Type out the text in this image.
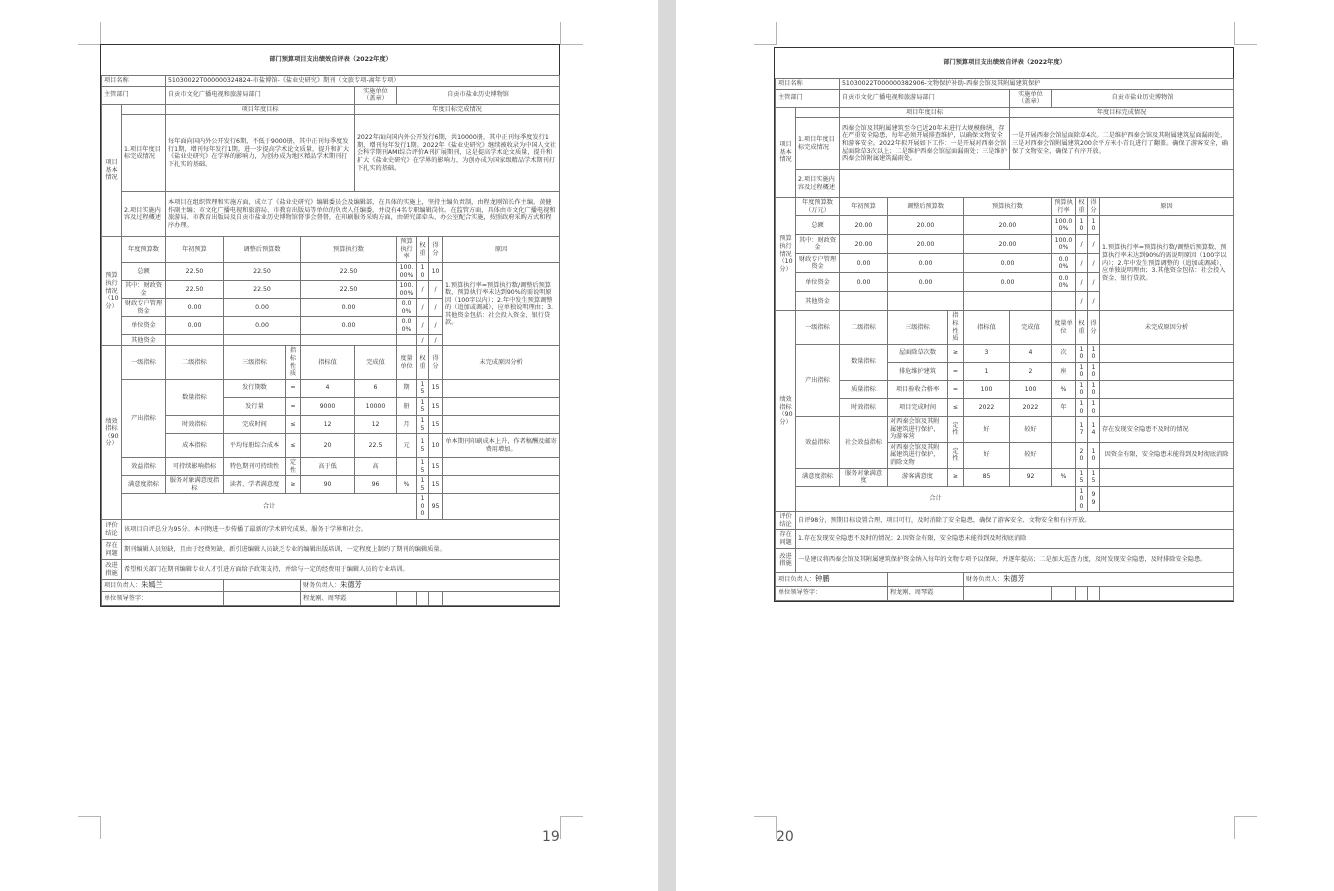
19
部门预算项目支出绩效自评表（2022年度）										
项目名称		51030022T000000324824-市盐博馆-《盐业史研究》期刊（文旅专项-离年专项）								
主管部门		自贡市文化广播电视和旅游局部门				实施单位（盖章）	自贡市盐业历史博物馆			
项目基本情况		项目年度目标				年度目标完成情况				
	1.项目年度目标完成情况	每年面向国内外公开发行6期，不低于9000册，其中正刊每季度发行1期，增刊每年发行1期。进一步提高学术论文质量，提升和扩大《盐业史研究》在学界的影响力，为创办成为地区精品学术期刊打下扎实的基础。				2022年面向国内外公开发行6期，共10000册，其中正刊每季度发行1期，增刊每年发行1期。2022年《盐业史研究》继续被收录为中国人文社会科学期刊AMI综合评价A刊扩展期刊，这是提高学术论文质量，提升和扩大《盐业史研究》在学界的影响力，为创办成为国家级精品学术期刊打下扎实的基础。				
	2.项目实施内容及过程概述	本项目在组织管理和实施方面，成立了《盐业史研究》编辑委员会及编辑部，在具体的实施上，坚持主编负责制，由程龙刚馆长作主编，黄健作副主编；市文化广播电视和旅游局、市教育出版局等单位的负责人任编委，并设有4名专职编辑岗位。在监管方面，具体由市文化广播电视和旅游局、市教育出版局及自贡市盐业历史博物馆督事会督督，在印刷服务采购方面，由研究部牵头、办公室配合实施，按照政府采购方式和程序办理。								
预算执行情况（10分）	年度预算数	年初预算	调整后预算数		预算执行数		预算执行率	权重	得分	原因
	总额	22.50	22.50		22.50		100.00%	10	10	1.预算执行率=预算执行数/调整后预算数，预算执行率未达到90%的需说明原因（100字以内）；2.年中发生预算调整的（追加或调减），应单独说明理由；3.其他资金包括：社会投入资金、银行贷款。
	其中：财政资金	22.50	22.50		22.50		100.00%	/	/	
	财政专户管理资金	0.00	0.00		0.00		0.00%	/	/	
	单位资金	0.00	0.00		0.00		0.00%	/	/	
	其他资金							/	/	
绩效指标（90分）	一级指标	二级指标	三级指标	指标性质	指标值	完成值	度量单位	权重	得分	未完成原因分析
	产出指标	数量指标	发行期数	=	4	6	期	15	15	
			发行量	=	9000	10000	册	15	15	
		时效指标	完成时间	≤	12	12	月	15	15	
		成本指标	平均每册综合成本	≤	20	22.5	元	15	10	单本期刊印刷成本上升，作者稿酬及邮寄费用增加。
	效益指标	可持续影响指标	特色期刊可持续性	定性	高于低	高		15	15	
	满意度指标	服务对象满意度指标	读者、学者满意度	≥	90	96	%	15	15	
	合计							100	95	
评价结论	该项目自评总分为95分。本刊物进一步传播了最新的学术研究成果，服务于学界和社会。									
存在问题	期刊编辑人员短缺，且由于经费短缺，新引进编辑人员缺乏专业的编辑出版培训，一定程度上制约了期刊的编辑质量。									
改进措施	希望相关部门在期刊编辑专业人才引进方面给予政策支持，并给与一定的经费用于编辑人员的专业培训。									
项目负责人：朱嫣兰					财务负责人：朱德芳					
单位领导签字：					程龙刚、周琴霞					
20
部门预算项目支出绩效自评表（2022年度）										
项目名称		51030022T000000382906-文物保护补助-西秦会馆及其附属建筑保护								
主管部门		自贡市文化广播电视和旅游局部门				实施单位（盖章）	自贡市盐业历史博物馆			
项目基本情况		项目年度目标				年度目标完成情况				
	1.项目年度目标完成情况	西秦会馆及其附属建筑至今已近20年未进行大规模修缮，存在严重安全隐患，每年必须开展排查维护，以确保文物安全和游客安全。2022年拟开展如下工作：一是开展对西秦会馆屋面除草3次以上；二是维护西秦会馆屋面漏雨处；三是维护西秦会馆附属建筑漏雨处。				一是开展西秦会馆屋面除草4次。二是维护西秦会馆及其附属建筑屋面漏雨处，三是对西秦会馆附属建筑200余平方米小青瓦进行了翻盖。确保了游客安全，确保了文物安全，确保了有序开放。				
	2.项目实施内容及过程概述									
预算执行情况（10分）	年度预算数（万元）	年初预算	调整后预算数		预算执行数		预算执行率	权重	得分	原因
	总额	20.00	20.00		20.00		100.00%	10	10	1.预算执行率=预算执行数/调整后预算数，预算执行率未达到90%的需说明原因（100字以内）；2.年中发生预算调整的（追加或调减），应单独说明理由；3.其他资金包括：社会投入资金、银行贷款。
	其中：财政资金	20.00	20.00		20.00		100.00%	/	/	
	财政专户管理资金	0.00	0.00		0.00		0.00%	/	/	
	单位资金	0.00	0.00		0.00		0.00%	/	/	
	其他资金							/	/	
绩效指标（90分）	一级指标	二级指标	三级指标	指标性质	指标值	完成值	度量单位	权重	得分	未完成原因分析
	产出指标	数量指标	屋面除草次数	≥	3	4	次	10	10	
			排危维护建筑	=	1	2	座	10	10	
		质量指标	项目验收合格率	=	100	100	%	10	10	
		时效指标	项目完成时间	≤	2022	2022	年	10	10	
	效益指标	社会效益指标	对西秦会馆及其附属建筑进行保护，为游客营	定性	好	较好		17	14	存在发现安全隐患不及时的情况
			对西秦会馆及其附属建筑进行保护，消除文物	定性	好	较好		20	10	因资金有限，安全隐患未能得到及时彻底消除
	满意度指标	服务对象满意度	游客满意度	≥	85	92	%	15	15	
	合计							100	99	
评价结论	自评98分，预期目标设置合理，项目可行，及时消除了安全隐患，确保了游客安全、文物安全和有序开放。									
存在问题	1.存在发现安全隐患不及时的情况；2.因资金有限，安全隐患未能得到及时彻底消除									
改进措施	一是建议将西秦会馆及其附属建筑保护资金纳入每年的文物专项予以保障，并逐年提高；二是加大巡查力度，及时发现安全隐患，及时排除安全隐患。									
项目负责人：钟鹏					财务负责人：朱德芳					
单位领导签字：			程龙刚、周琴霞							
